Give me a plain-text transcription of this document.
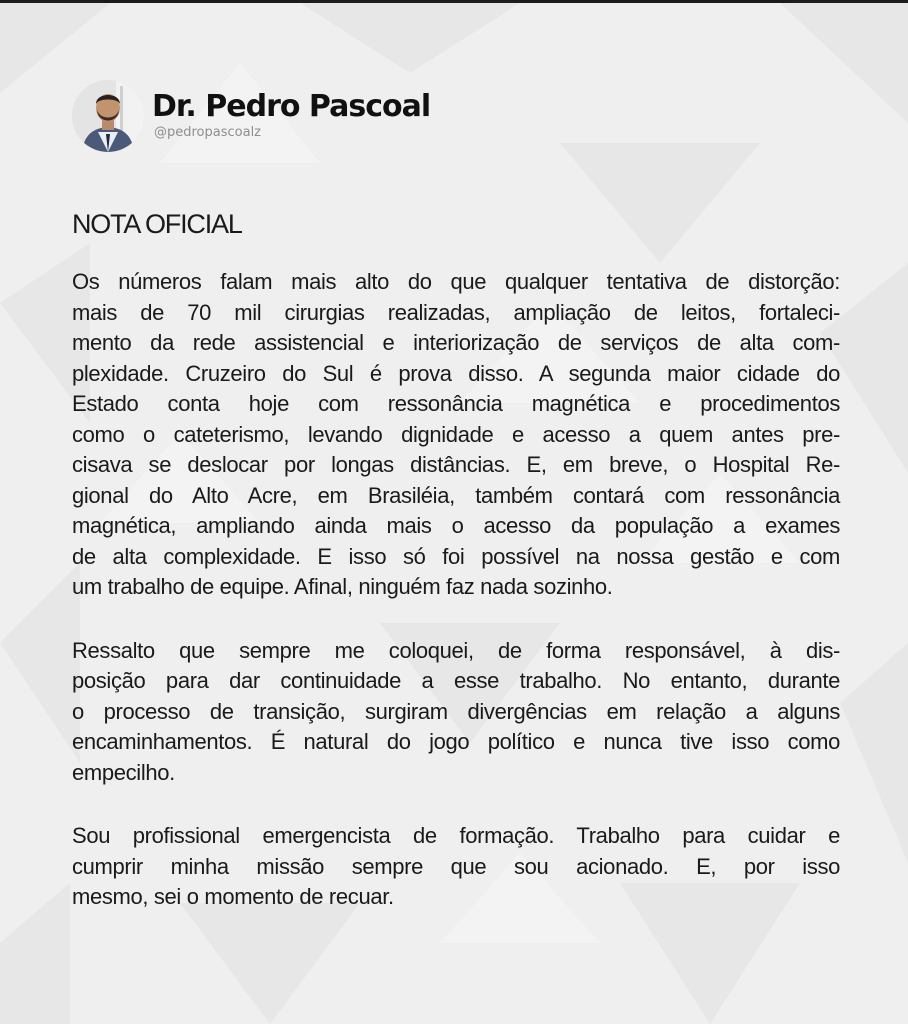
Dr. Pedro Pascoal
@pedropascoalz
NOTA OFICIAL

Os números falam mais alto do que qualquer tentativa de distorção:
mais de 70 mil cirurgias realizadas, ampliação de leitos, fortaleci-
mento da rede assistencial e interiorização de serviços de alta com-
plexidade. Cruzeiro do Sul é prova disso. A segunda maior cidade do
Estado conta hoje com ressonância magnética e procedimentos
como o cateterismo, levando dignidade e acesso a quem antes pre-
cisava se deslocar por longas distâncias. E, em breve, o Hospital Re-
gional do Alto Acre, em Brasiléia, também contará com ressonância
magnética, ampliando ainda mais o acesso da população a exames
de alta complexidade. E isso só foi possível na nossa gestão e com
um trabalho de equipe. Afinal, ninguém faz nada sozinho.

Ressalto que sempre me coloquei, de forma responsável, à dis-
posição para dar continuidade a esse trabalho. No entanto, durante
o processo de transição, surgiram divergências em relação a alguns
encaminhamentos. É natural do jogo político e nunca tive isso como
empecilho.

Sou profissional emergencista de formação. Trabalho para cuidar e
cumprir minha missão sempre que sou acionado. E, por isso
mesmo, sei o momento de recuar.
